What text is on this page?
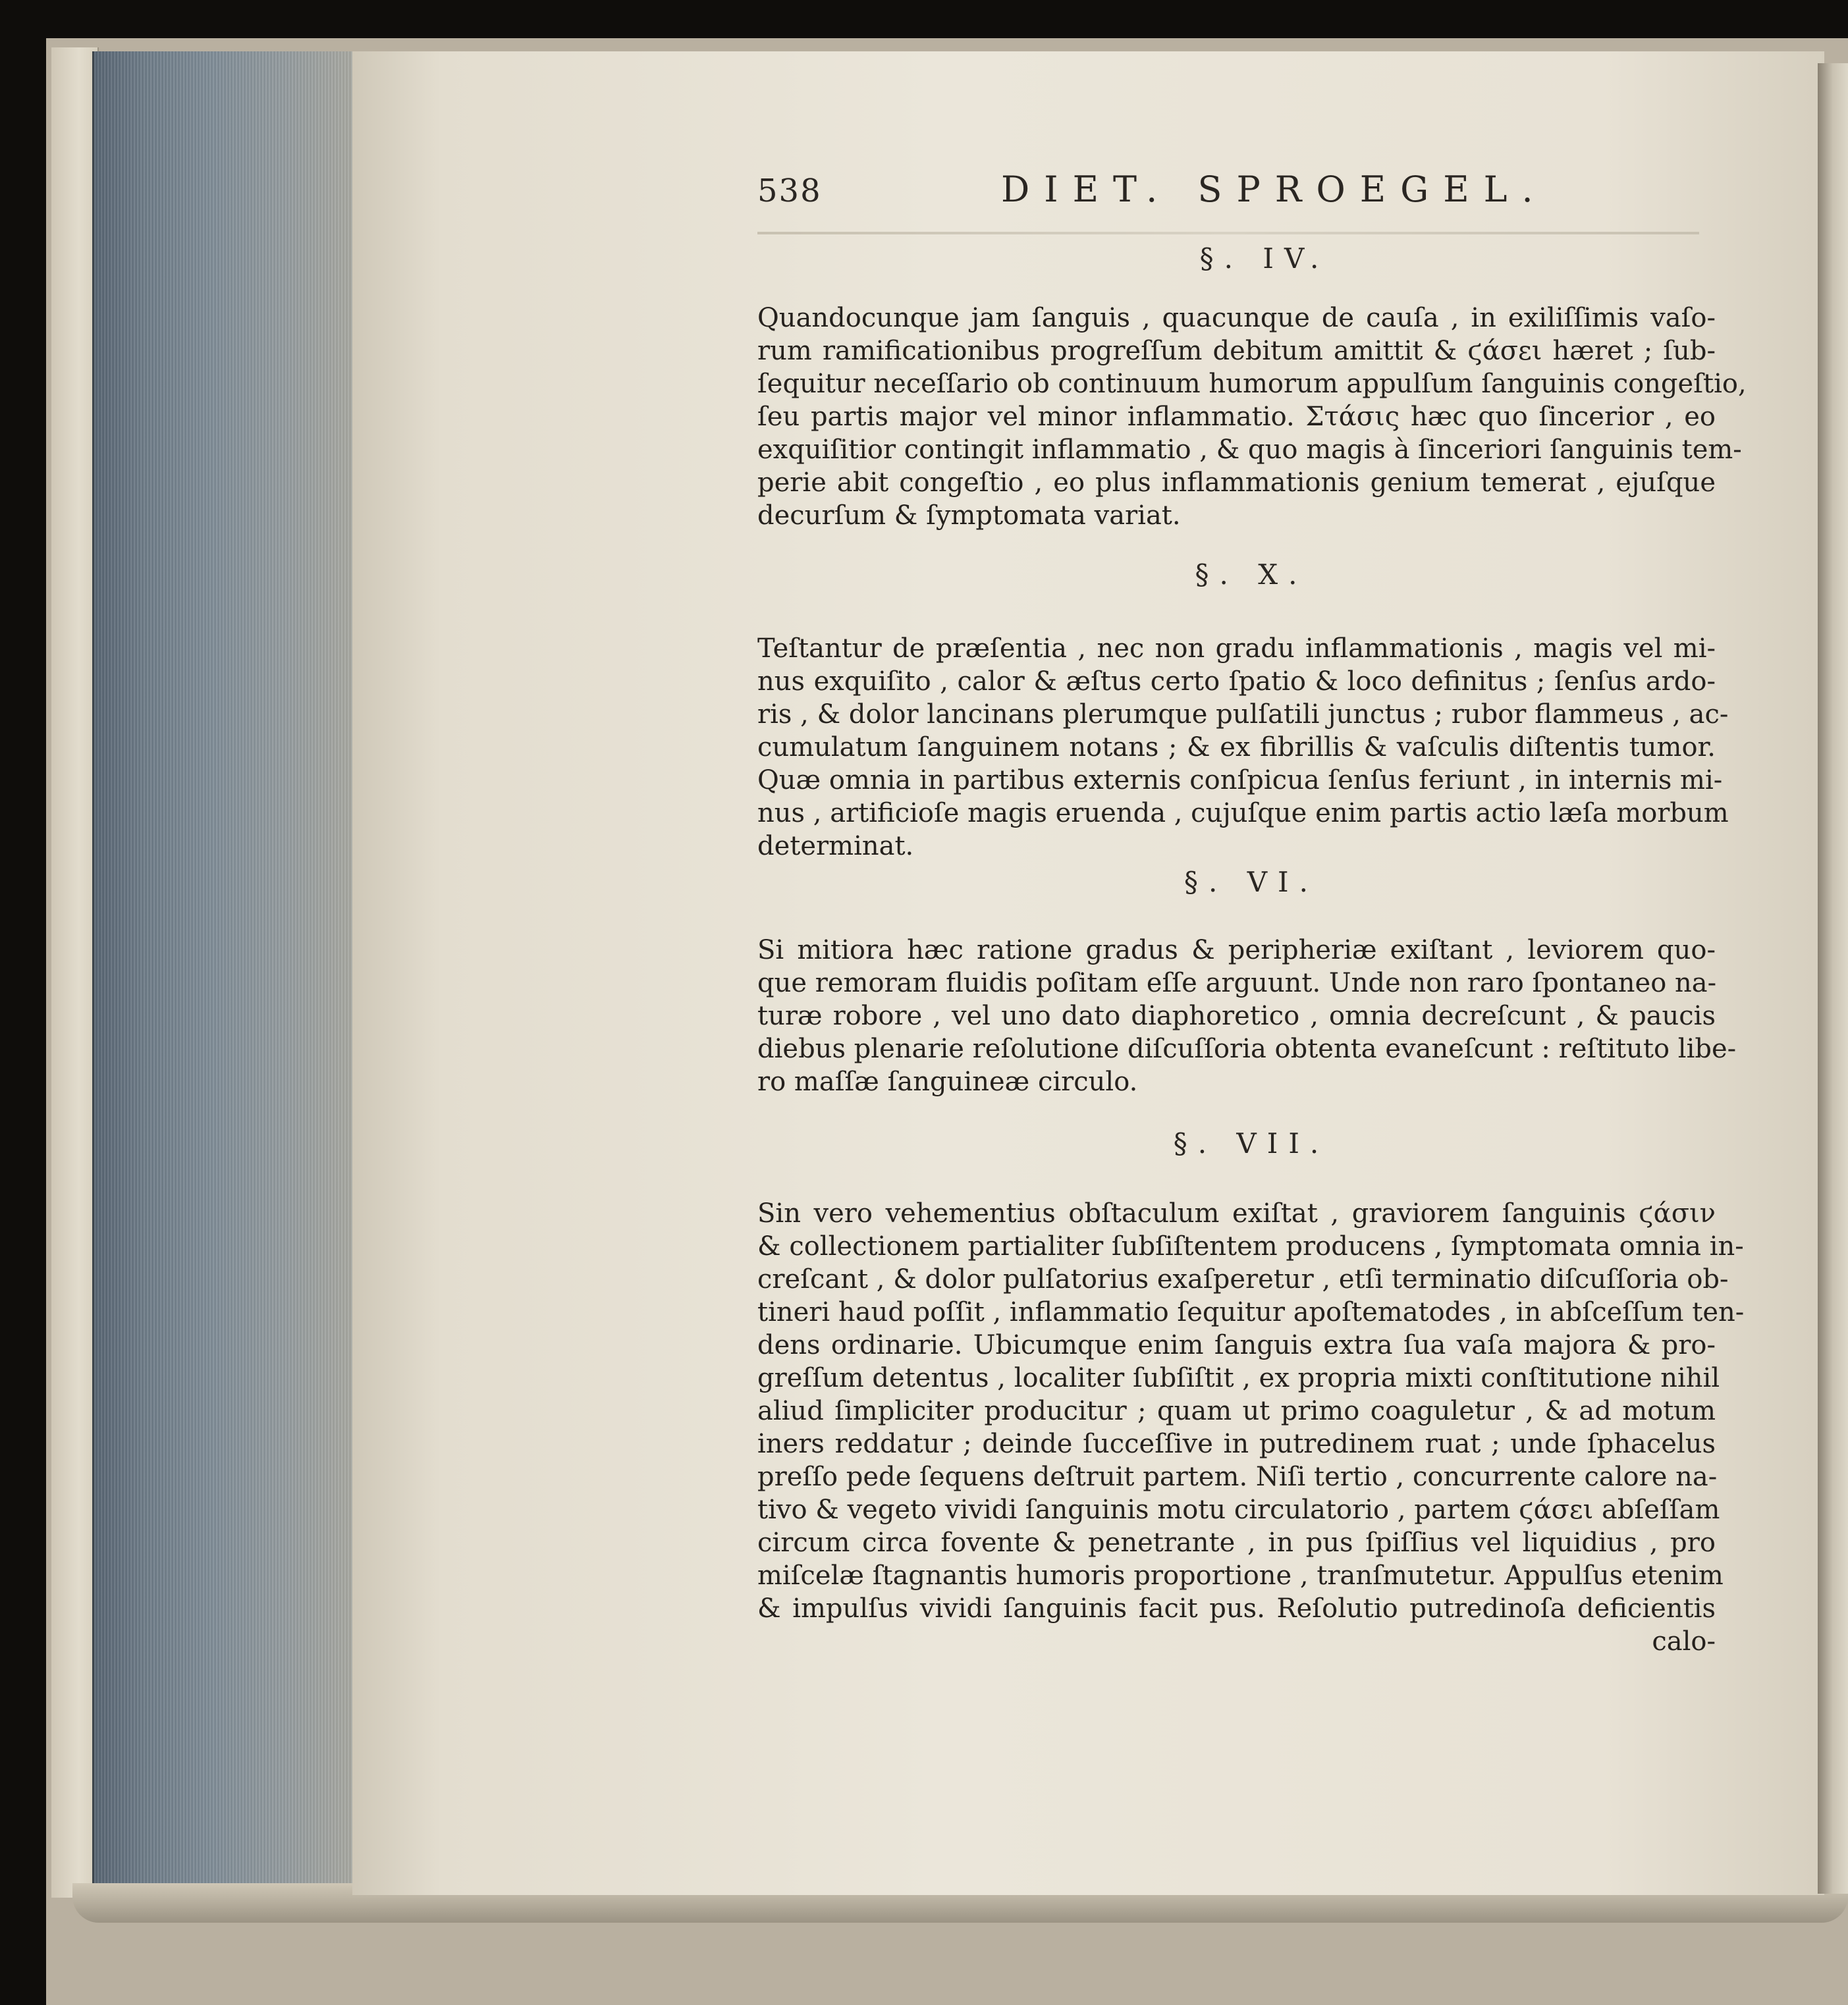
538	DIET. SPROEGEL.
§. IV.
Quandocunque jam ſanguis , quacunque de cauſa , in exiliſſimis vaſo-
rum ramificationibus progreſſum debitum amittit & ϛάσει hæret ; ſub-
ſequitur neceſſario ob continuum humorum appulſum ſanguinis congeſtio,
ſeu partis major vel minor inflammatio. Στάσις hæc quo ſincerior , eo
exquiſitior contingit inflammatio , & quo magis à ſinceriori ſanguinis tem-
perie abit congeſtio , eo plus inflammationis genium temerat , ejuſque
decurſum & ſymptomata variat.
§. X.
Teſtantur de præſentia , nec non gradu inflammationis , magis vel mi-
nus exquiſito , calor & æſtus certo ſpatio & loco definitus ; ſenſus ardo-
ris , & dolor lancinans plerumque pulſatili junctus ; rubor flammeus , ac-
cumulatum ſanguinem notans ; & ex fibrillis & vaſculis diſtentis tumor.
Quæ omnia in partibus externis conſpicua ſenſus feriunt , in internis mi-
nus , artificioſe magis eruenda , cujuſque enim partis actio læſa morbum
determinat.
§. VI.
Si mitiora hæc ratione gradus & peripheriæ exiſtant , leviorem quo-
que remoram fluidis poſitam eſſe arguunt. Unde non raro ſpontaneo na-
turæ robore , vel uno dato diaphoretico , omnia decreſcunt , & paucis
diebus plenarie reſolutione diſcuſſoria obtenta evaneſcunt : reſtituto libe-
ro maſſæ ſanguineæ circulo.
§. VII.
Sin vero vehementius obſtaculum exiſtat , graviorem ſanguinis ϛάσιν
& collectionem partialiter ſubſiſtentem producens , ſymptomata omnia in-
creſcant , & dolor pulſatorius exaſperetur , etſi terminatio diſcuſſoria ob-
tineri haud poſſit , inflammatio ſequitur apoſtematodes , in abſceſſum ten-
dens ordinarie. Ubicumque enim ſanguis extra ſua vaſa majora & pro-
greſſum detentus , localiter ſubſiſtit , ex propria mixti conſtitutione nihil
aliud ſimpliciter producitur ; quam ut primo coaguletur , & ad motum
iners reddatur ; deinde ſucceſſive in putredinem ruat ; unde ſphacelus
preſſo pede ſequens deſtruit partem. Niſi tertio , concurrente calore na-
tivo & vegeto vividi ſanguinis motu circulatorio , partem ϛάσει abſeſſam
circum circa fovente & penetrante , in pus ſpiſſius vel liquidius , pro
miſcelæ ſtagnantis humoris proportione , tranſmutetur. Appulſus etenim
& impulſus vividi ſanguinis facit pus. Reſolutio putredinoſa deficientis
calo-
